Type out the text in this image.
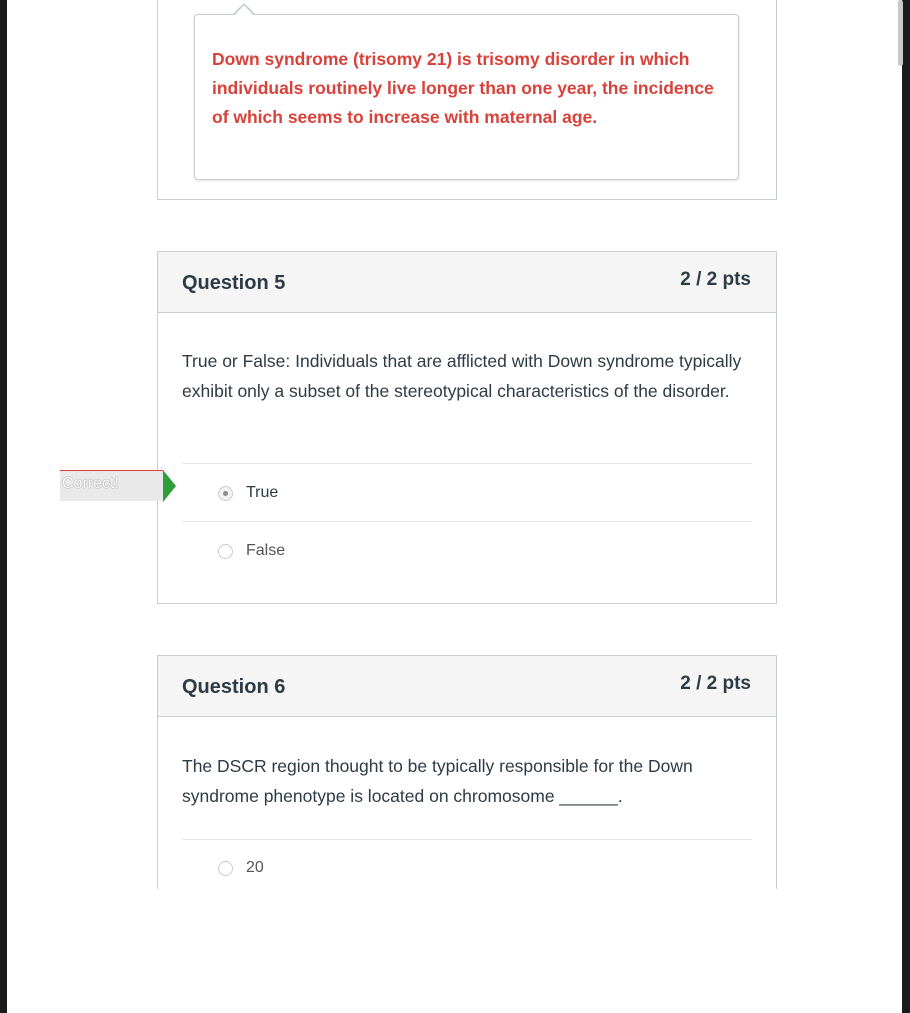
Down syndrome (trisomy 21) is trisomy disorder in which individuals routinely live longer than one year, the incidence of which seems to increase with maternal age.
Question 5	2 / 2 pts
True or False: Individuals that are afflicted with Down syndrome typically exhibit only a subset of the stereotypical characteristics of the disorder.
True
False
Correct!
Question 6	2 / 2 pts
The DSCR region thought to be typically responsible for the Down syndrome phenotype is located on chromosome ______.
20
